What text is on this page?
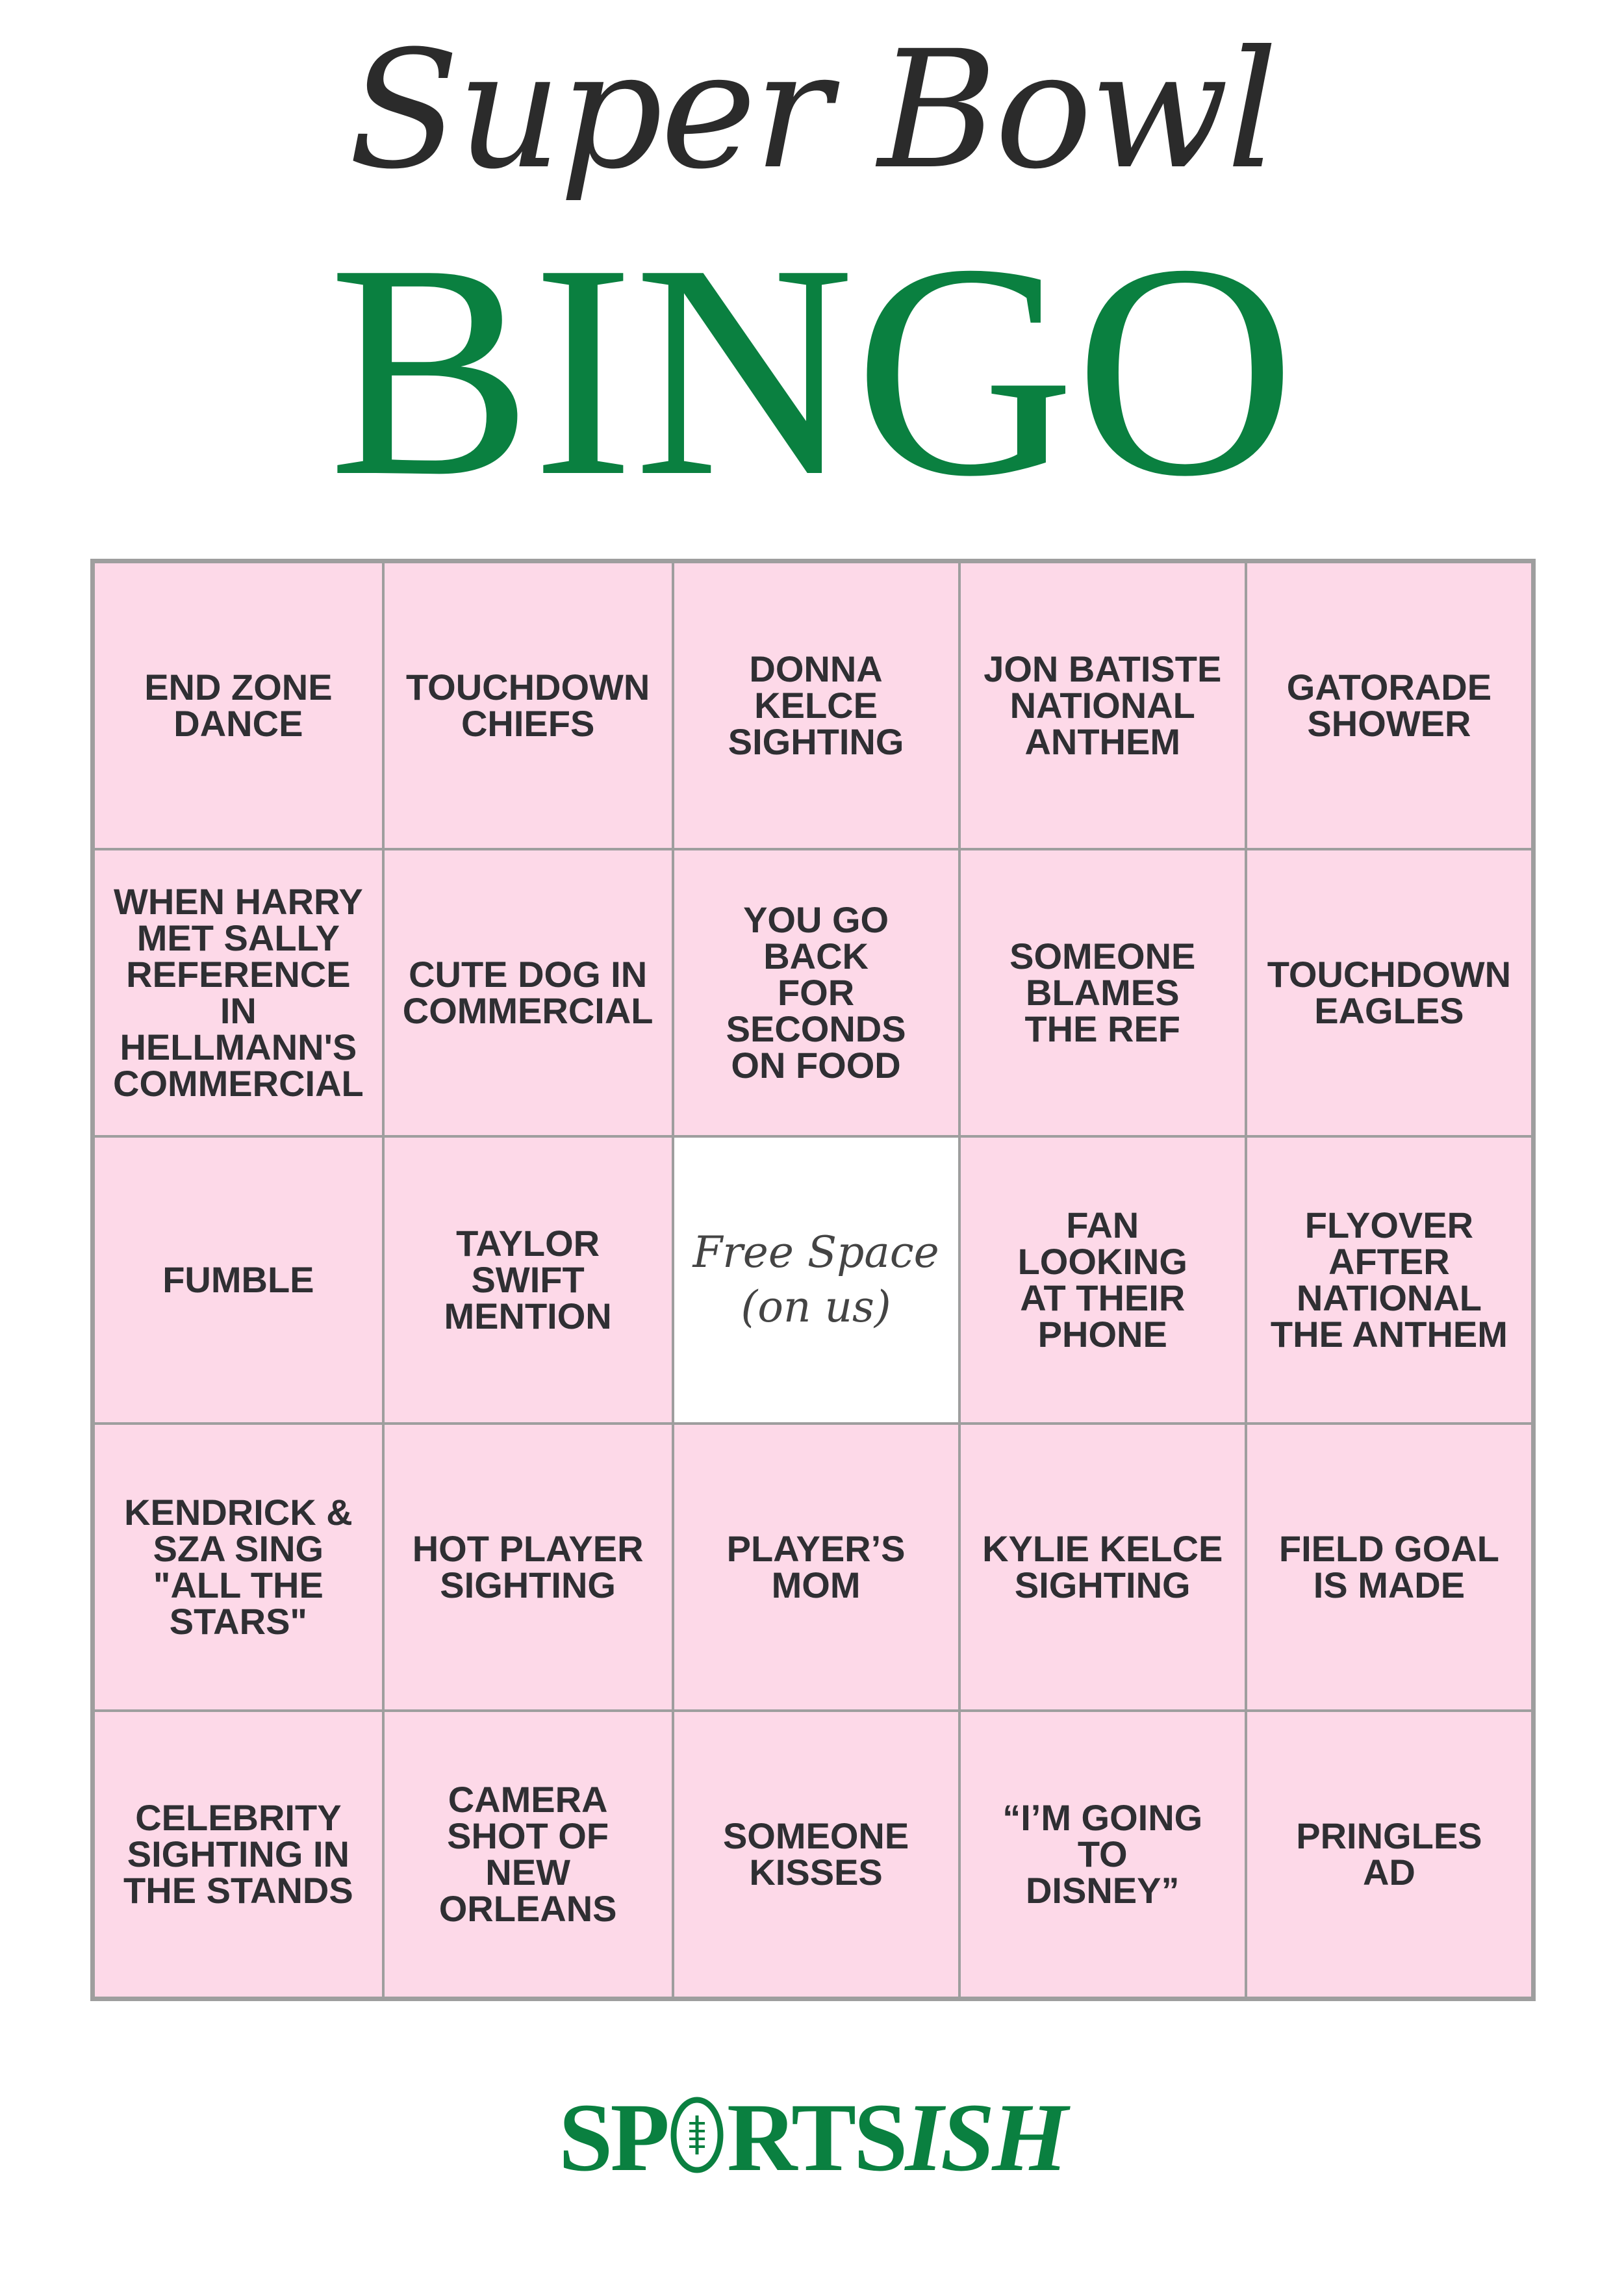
Super Bowl
BINGO
END ZONE
DANCE
TOUCHDOWN
CHIEFS
DONNA KELCE
SIGHTING
JON BATISTE
NATIONAL
ANTHEM
GATORADE
SHOWER
WHEN HARRY
MET SALLY
REFERENCE IN
HELLMANN'S
COMMERCIAL
CUTE DOG IN
COMMERCIAL
YOU GO BACK
FOR SECONDS
ON FOOD
SOMEONE
BLAMES
THE REF
TOUCHDOWN
EAGLES
FUMBLE
TAYLOR
SWIFT
MENTION
Free Space
(on us)
FAN LOOKING
AT THEIR
PHONE
FLYOVER
AFTER
NATIONAL
THE ANTHEM
KENDRICK &
SZA SING
"ALL THE
STARS"
HOT PLAYER
SIGHTING
PLAYER’S
MOM
KYLIE KELCE
SIGHTING
FIELD GOAL
IS MADE
CELEBRITY
SIGHTING IN
THE STANDS
CAMERA
SHOT OF
NEW
ORLEANS
SOMEONE
KISSES
“I’M GOING TO
DISNEY”
PRINGLES
AD
SP RTSISH
